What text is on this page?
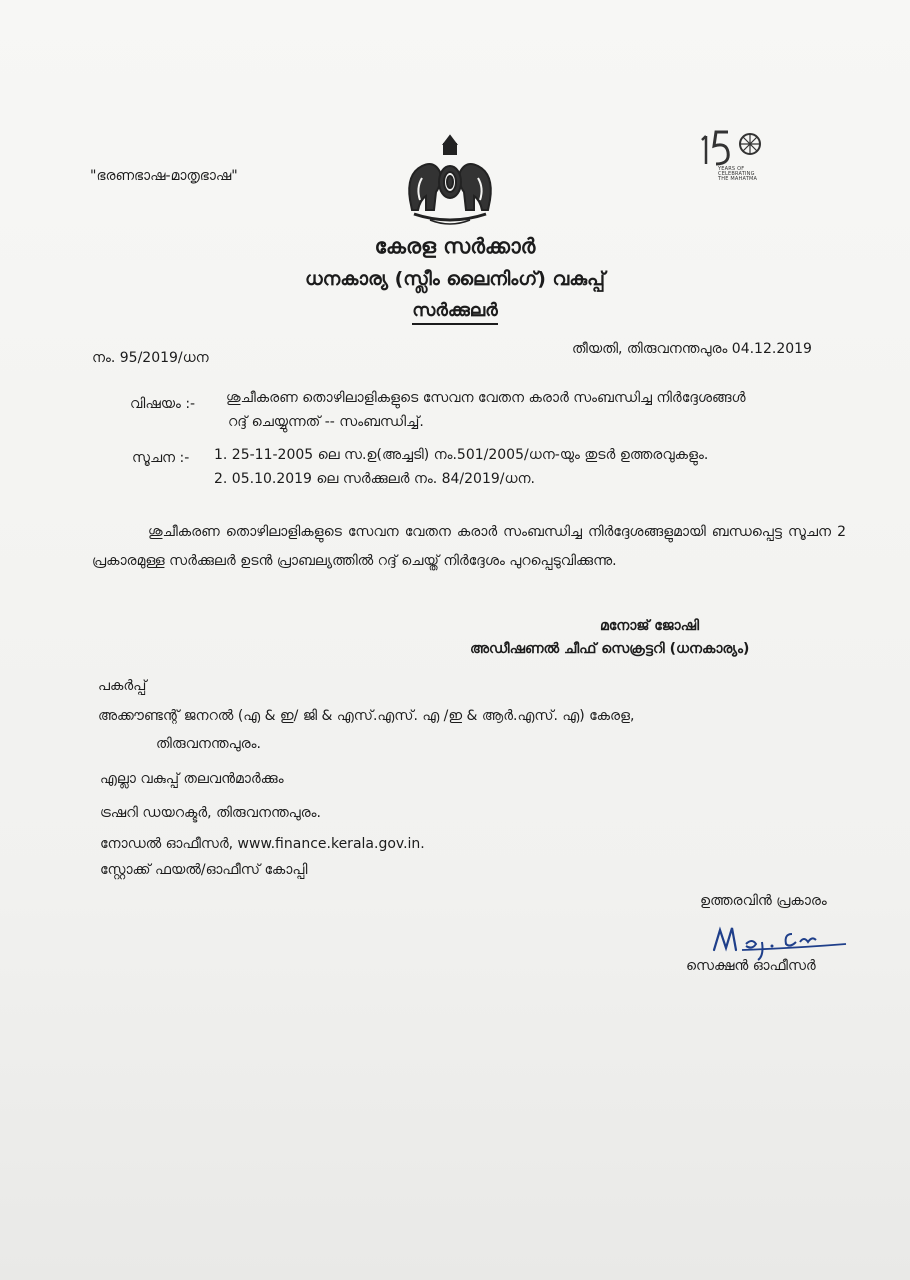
"ഭരണഭാഷ-മാതൃഭാഷ"	YEARS OF CELEBRATING THE MAHATMA
കേരള സർക്കാർ
ധനകാര്യ (സ്ലീം ലൈനിംഗ്) വകുപ്പ്
സർക്കുലർ
നം. 95/2019/ധന
തീയതി, തിരുവനന്തപുരം 04.12.2019
വിഷയം :- ശുചീകരണ തൊഴിലാളികളുടെ സേവന വേതന കരാർ സംബന്ധിച്ച നിർദ്ദേശങ്ങൾ
റദ്ദ് ചെയ്യുന്നത് -- സംബന്ധിച്ച്.
സൂചന :- 1. 25-11-2005 ലെ സ.ഉ(അച്ചടി) നം.501/2005/ധന-യും തുടർ ഉത്തരവുകളും.
2. 05.10.2019 ലെ സർക്കുലർ നം. 84/2019/ധന.
ശുചീകരണ തൊഴിലാളികളുടെ സേവന വേതന കരാർ സംബന്ധിച്ച നിർദ്ദേശങ്ങളുമായി ബന്ധപ്പെട്ട സൂചന 2 പ്രകാരമുള്ള സർക്കുലർ ഉടൻ പ്രാബല്യത്തിൽ റദ്ദ് ചെയ്ത് നിർദ്ദേശം പുറപ്പെടുവിക്കുന്നു.
മനോജ് ജോഷി
അഡീഷണൽ ചീഫ് സെക്രട്ടറി (ധനകാര്യം)
പകർപ്പ്
അക്കൗണ്ടന്റ് ജനറൽ (എ & ഇ/ ജി & എസ്.എസ്. എ /ഇ & ആർ.എസ്. എ) കേരള,
തിരുവനന്തപുരം.
എല്ലാ വകുപ്പ് തലവൻമാർക്കും
ട്രഷറി ഡയറക്ടർ, തിരുവനന്തപുരം.
നോഡൽ ഓഫീസർ, www.finance.kerala.gov.in.
സ്റ്റോക്ക് ഫയൽ/ഓഫീസ് കോപ്പി
ഉത്തരവിൻ പ്രകാരം
സെക്ഷൻ ഓഫീസർ
